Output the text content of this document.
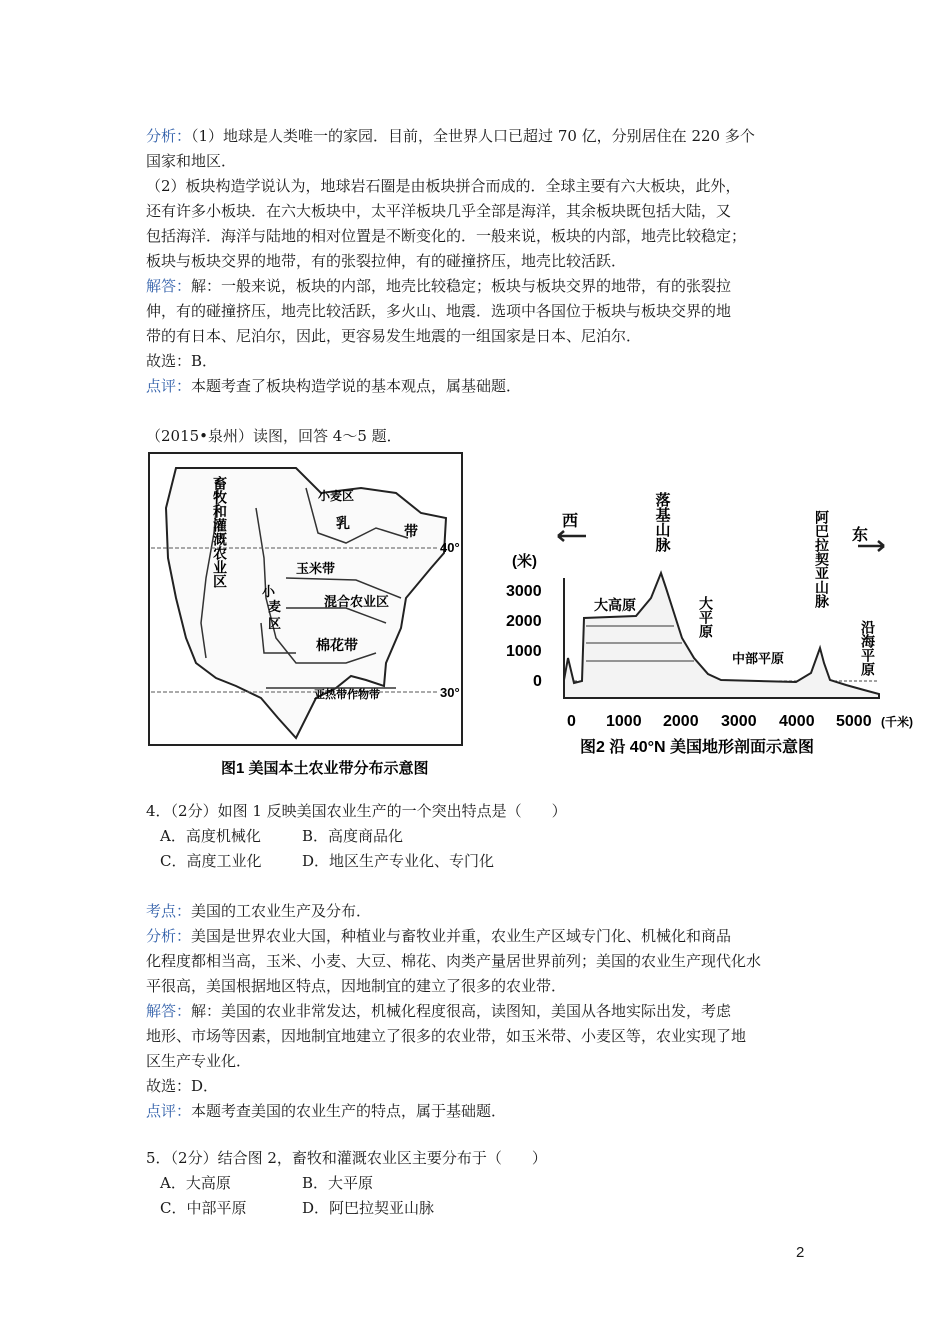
分析：（1）地球是人类唯一的家园．目前，全世界人口已超过 70 亿，分别居住在 220 多个
国家和地区．
（2）板块构造学说认为，地球岩石圈是由板块拼合而成的．全球主要有六大板块，此外，
还有许多小板块．在六大板块中，太平洋板块几乎全部是海洋，其余板块既包括大陆，又
包括海洋．海洋与陆地的相对位置是不断变化的．一般来说，板块的内部，地壳比较稳定；
板块与板块交界的地带，有的张裂拉伸，有的碰撞挤压，地壳比较活跃．
解答：解：一般来说，板块的内部，地壳比较稳定；板块与板块交界的地带，有的张裂拉
伸，有的碰撞挤压，地壳比较活跃，多火山、地震．选项中各国位于板块与板块交界的地
带的有日本、尼泊尔，因此，更容易发生地震的一组国家是日本、尼泊尔．
故选：B．
点评：本题考查了板块构造学说的基本观点，属基础题．
（2015•泉州）读图，回答 4～5 题．
40°
30°
畜牧和灌溉农业区	小麦区
乳	带
玉米带
小
麦
区
混合农业区
棉花带
亚热带作物带
图1 美国本土农业带分布示意图
西
东
(米)
3000
2000
1000
0
0 1000 2000 3000 4000 5000 (千米)
大高原
落基山脉
大平原
中部平原
阿巴拉契亚山脉
沿海平原
图2 沿 40°N 美国地形剖面示意图
4．（2分）如图 1 反映美国农业生产的一个突出特点是（　　）
A．高度机械化	B．高度商品化
C．高度工业化	D．地区生产专业化、专门化
考点：美国的工农业生产及分布．
分析：美国是世界农业大国，种植业与畜牧业并重，农业生产区域专门化、机械化和商品
化程度都相当高，玉米、小麦、大豆、棉花、肉类产量居世界前列；美国的农业生产现代化水
平很高，美国根据地区特点，因地制宜的建立了很多的农业带．
解答：解：美国的农业非常发达，机械化程度很高，读图知，美国从各地实际出发，考虑
地形、市场等因素，因地制宜地建立了很多的农业带，如玉米带、小麦区等，农业实现了地
区生产专业化．
故选：D．
点评：本题考查美国的农业生产的特点，属于基础题．
5．（2分）结合图 2，畜牧和灌溉农业区主要分布于（　　）
A．大高原	B．大平原
C．中部平原	D．阿巴拉契亚山脉
2
